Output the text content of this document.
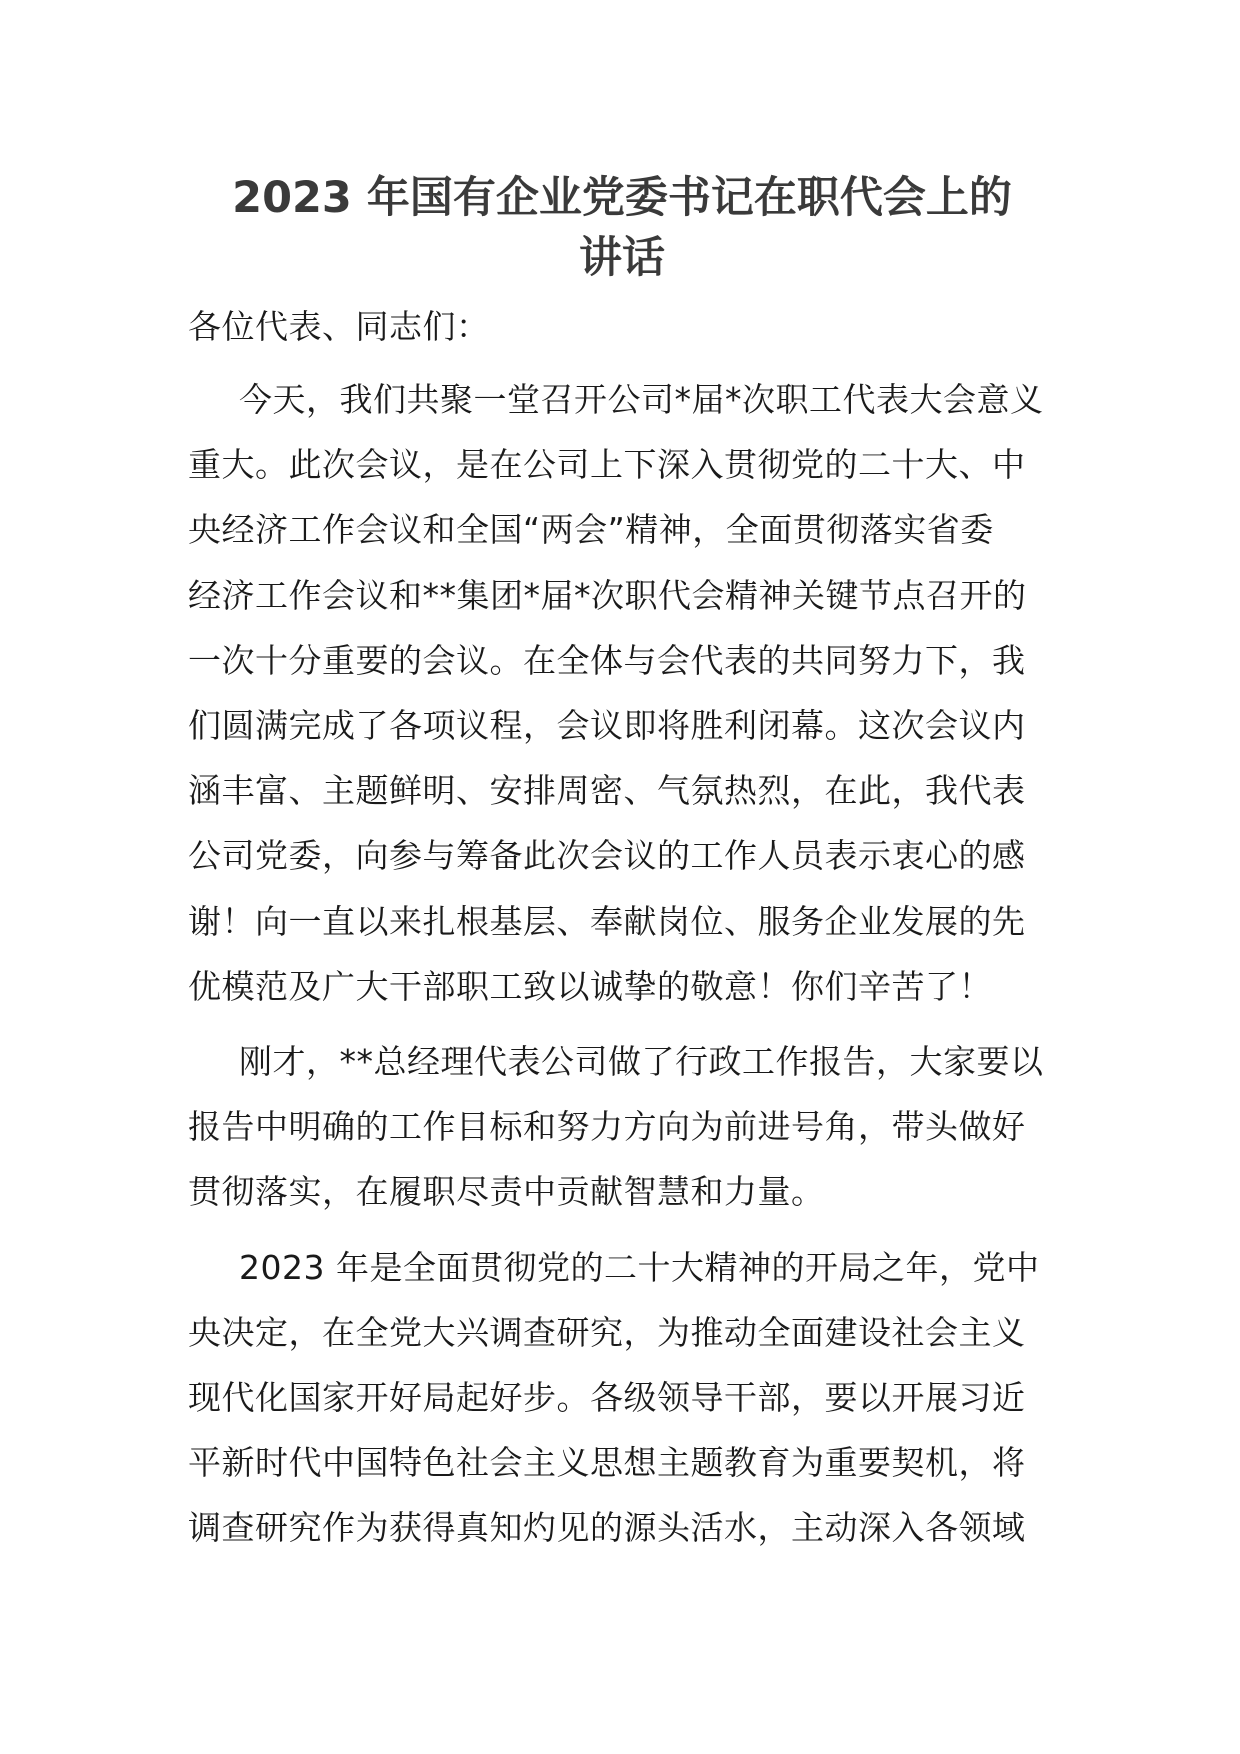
2023 年国有企业党委书记在职代会上的
讲话
各位代表、同志们：
今天，我们共聚一堂召开公司*届*次职工代表大会意义
重大。此次会议，是在公司上下深入贯彻党的二十大、中
央经济工作会议和全国“两会”精神，全面贯彻落实省委
经济工作会议和**集团*届*次职代会精神关键节点召开的
一次十分重要的会议。在全体与会代表的共同努力下，我
们圆满完成了各项议程，会议即将胜利闭幕。这次会议内
涵丰富、主题鲜明、安排周密、气氛热烈，在此，我代表
公司党委，向参与筹备此次会议的工作人员表示衷心的感
谢！向一直以来扎根基层、奉献岗位、服务企业发展的先
优模范及广大干部职工致以诚挚的敬意！你们辛苦了！
刚才，**总经理代表公司做了行政工作报告，大家要以
报告中明确的工作目标和努力方向为前进号角，带头做好
贯彻落实，在履职尽责中贡献智慧和力量。
2023 年是全面贯彻党的二十大精神的开局之年，党中
央决定，在全党大兴调查研究，为推动全面建设社会主义
现代化国家开好局起好步。各级领导干部，要以开展习近
平新时代中国特色社会主义思想主题教育为重要契机，将
调查研究作为获得真知灼见的源头活水，主动深入各领域
